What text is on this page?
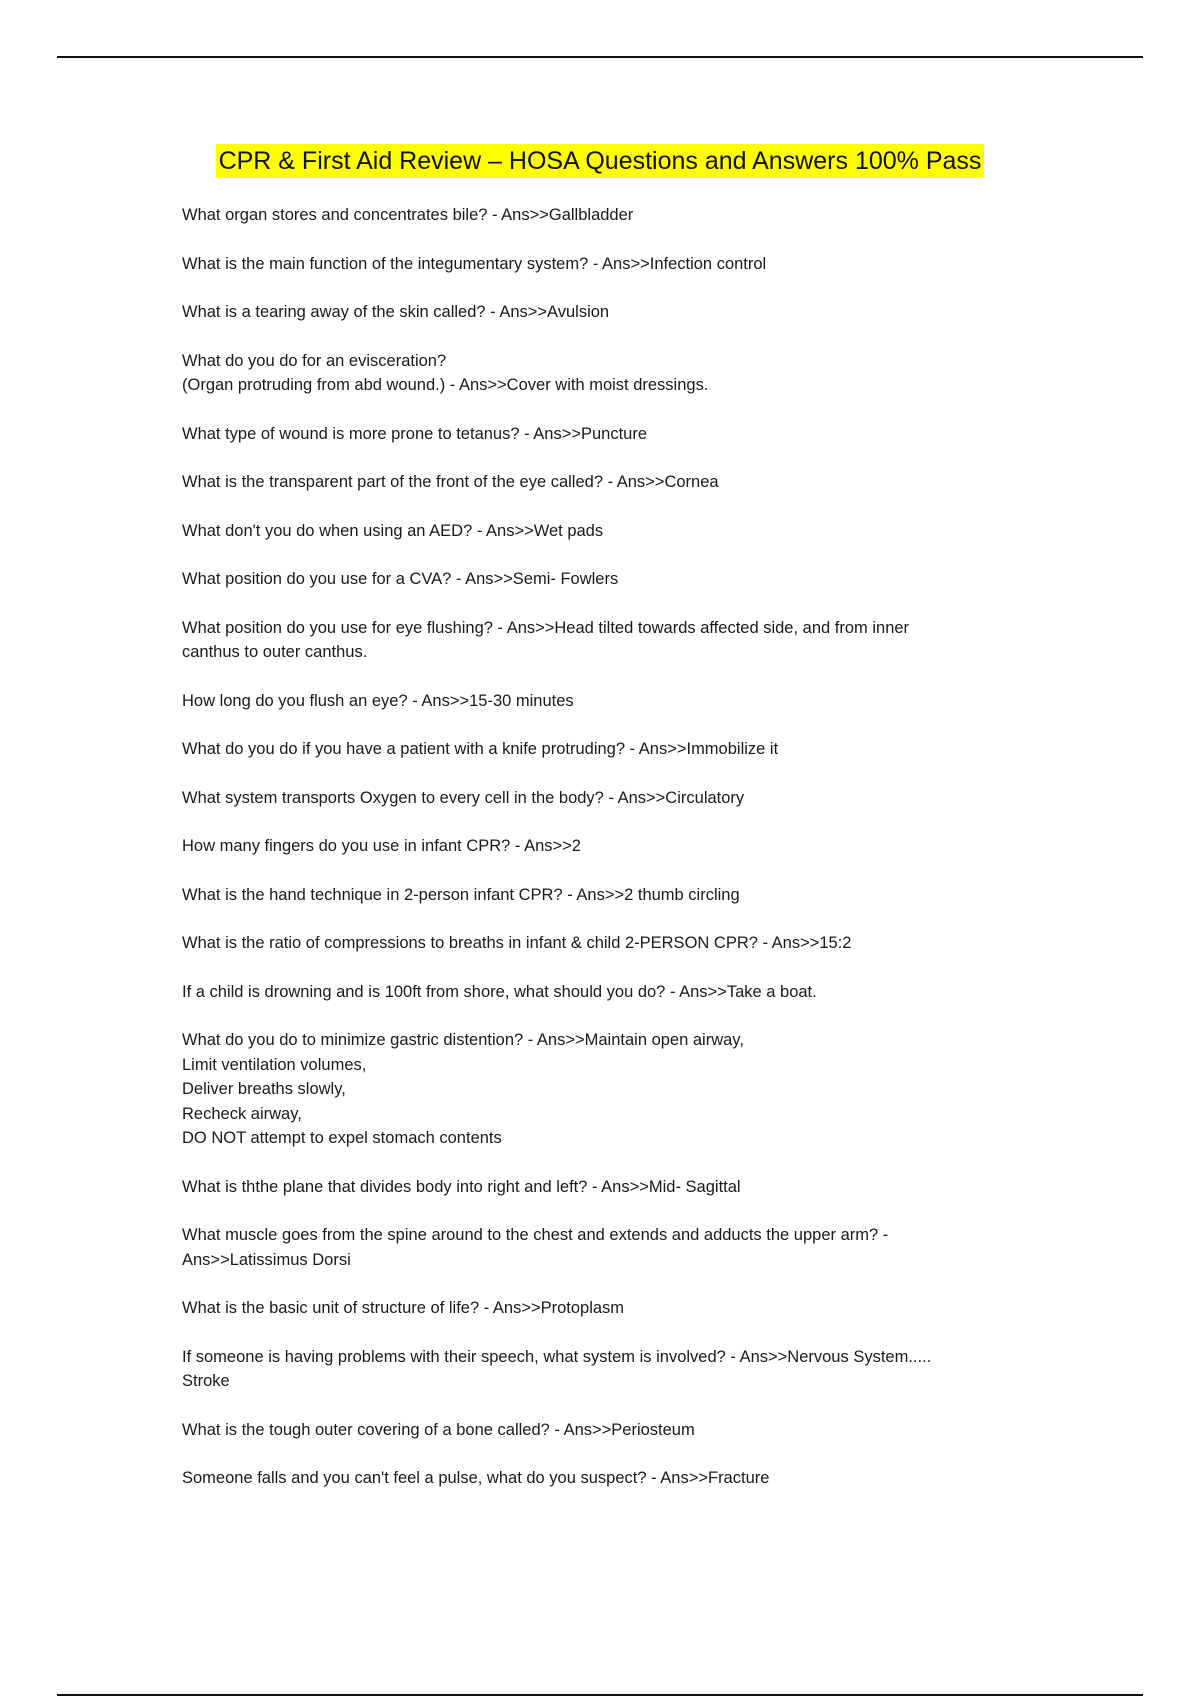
CPR & First Aid Review – HOSA Questions and Answers 100% Pass

What organ stores and concentrates bile? - Ans>>Gallbladder

What is the main function of the integumentary system? - Ans>>Infection control

What is a tearing away of the skin called? - Ans>>Avulsion

What do you do for an evisceration?
(Organ protruding from abd wound.) - Ans>>Cover with moist dressings.

What type of wound is more prone to tetanus? - Ans>>Puncture

What is the transparent part of the front of the eye called? - Ans>>Cornea

What don't you do when using an AED? - Ans>>Wet pads

What position do you use for a CVA? - Ans>>Semi- Fowlers

What position do you use for eye flushing? - Ans>>Head tilted towards affected side, and from inner
canthus to outer canthus.

How long do you flush an eye? - Ans>>15-30 minutes

What do you do if you have a patient with a knife protruding? - Ans>>Immobilize it

What system transports Oxygen to every cell in the body? - Ans>>Circulatory

How many fingers do you use in infant CPR? - Ans>>2

What is the hand technique in 2-person infant CPR? - Ans>>2 thumb circling

What is the ratio of compressions to breaths in infant & child 2-PERSON CPR? - Ans>>15:2

If a child is drowning and is 100ft from shore, what should you do? - Ans>>Take a boat.

What do you do to minimize gastric distention? - Ans>>Maintain open airway,
Limit ventilation volumes,
Deliver breaths slowly,
Recheck airway,
DO NOT attempt to expel stomach contents

What is ththe plane that divides body into right and left? - Ans>>Mid- Sagittal

What muscle goes from the spine around to the chest and extends and adducts the upper arm? -
Ans>>Latissimus Dorsi

What is the basic unit of structure of life? - Ans>>Protoplasm

If someone is having problems with their speech, what system is involved? - Ans>>Nervous System.....
Stroke

What is the tough outer covering of a bone called? - Ans>>Periosteum

Someone falls and you can't feel a pulse, what do you suspect? - Ans>>Fracture
